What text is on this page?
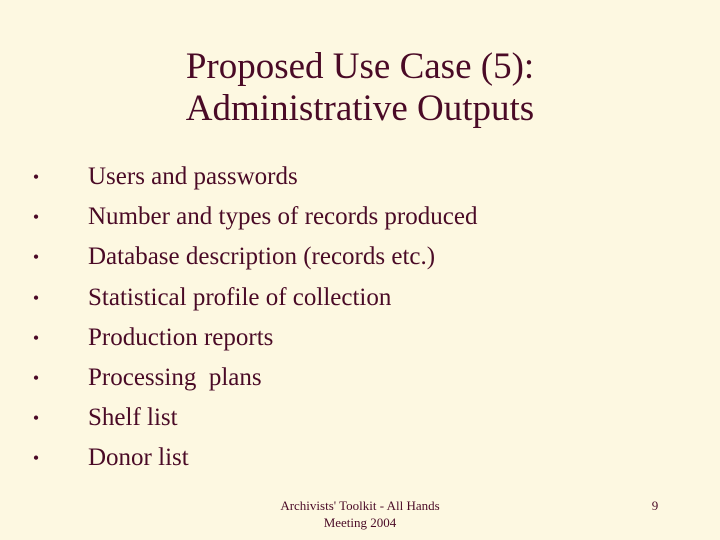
Proposed Use Case (5):
Administrative Outputs
• Users and passwords
• Number and types of records produced
• Database description (records etc.)
• Statistical profile of collection
• Production reports
• Processing  plans
• Shelf list
• Donor list
Archivists' Toolkit - All Hands
Meeting 2004
9
